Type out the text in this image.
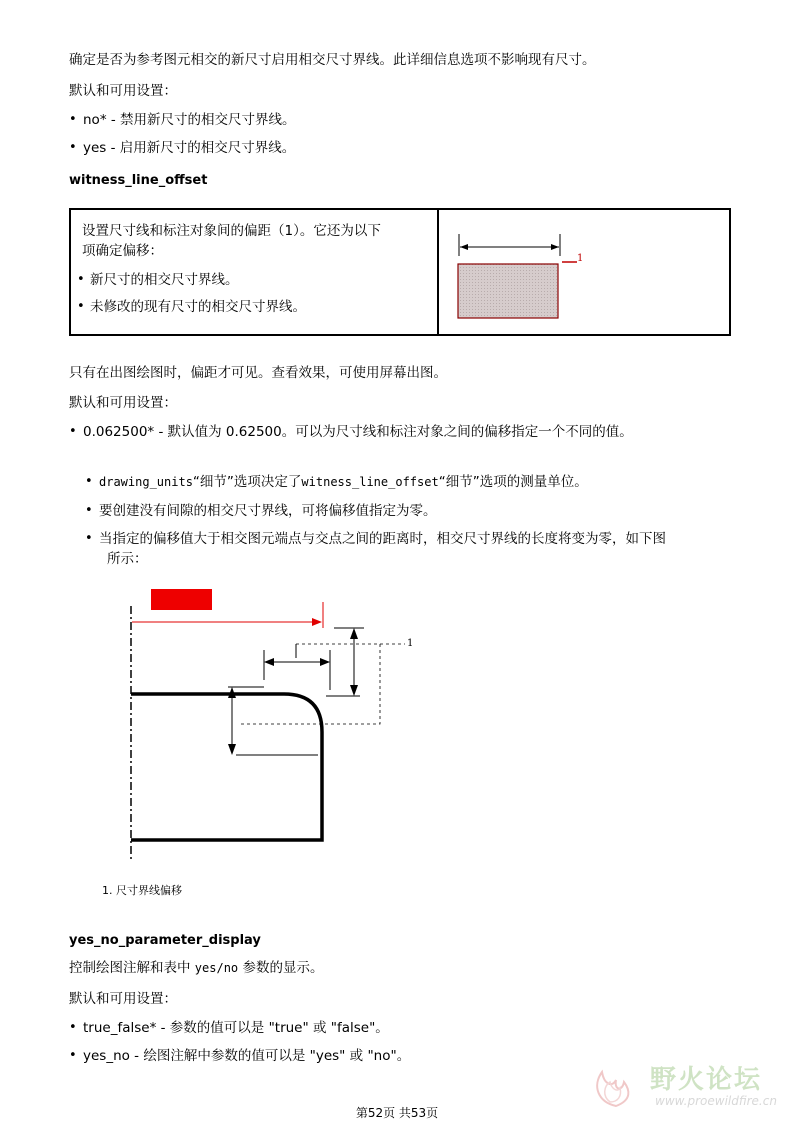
确定是否为参考图元相交的新尺寸启用相交尺寸界线。此详细信息选项不影响现有尺寸。
默认和可用设置：
• no* - 禁用新尺寸的相交尺寸界线。
• yes - 启用新尺寸的相交尺寸界线。
witness_line_offset
设置尺寸线和标注对象间的偏距（1）。它还为以下
项确定偏移：
• 新尺寸的相交尺寸界线。
• 未修改的现有尺寸的相交尺寸界线。
1
只有在出图绘图时，偏距才可见。查看效果，可使用屏幕出图。
默认和可用设置：
• 0.062500* - 默认值为 0.62500。可以为尺寸线和标注对象之间的偏移指定一个不同的值。
• drawing_units“细节”选项决定了witness_line_offset“细节”选项的测量单位。
• 要创建没有间隙的相交尺寸界线，可将偏移值指定为零。
• 当指定的偏移值大于相交图元端点与交点之间的距离时，相交尺寸界线的长度将变为零，如下图
所示：
1
1. 尺寸界线偏移
yes_no_parameter_display
控制绘图注解和表中 yes/no 参数的显示。
默认和可用设置：
• true_false* - 参数的值可以是 "true" 或 "false"。
• yes_no - 绘图注解中参数的值可以是 "yes" 或 "no"。
野火论坛
www.proewildfire.cn
第52页 共53页
